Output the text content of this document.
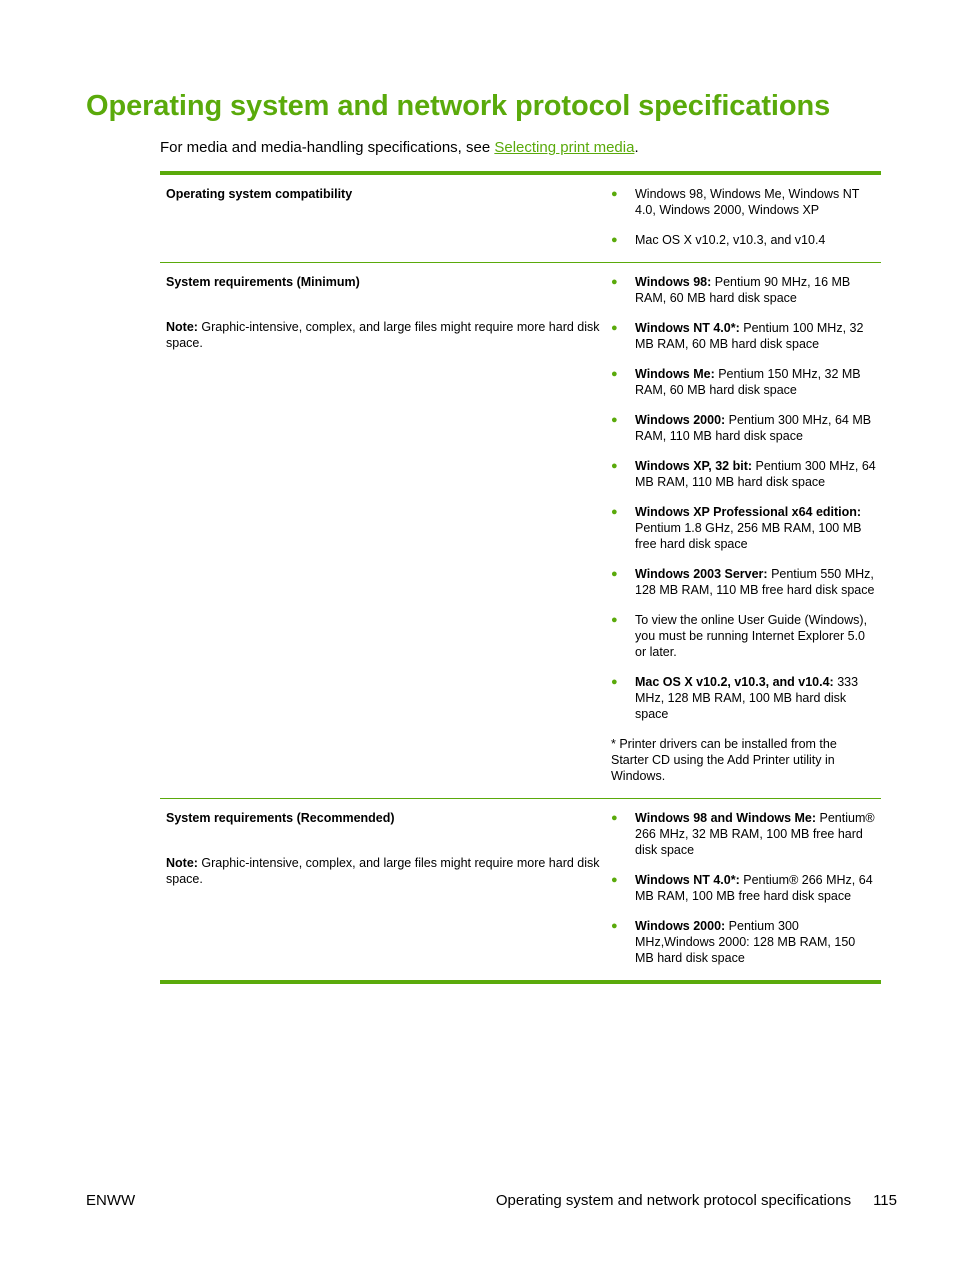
Operating system and network protocol specifications

For media and media-handling specifications, see Selecting print media.

Operating system compatibility	● Windows 98, Windows Me, Windows NT 4.0, Windows 2000, Windows XP
● Mac OS X v10.2, v10.3, and v10.4

System requirements (Minimum)

Note: Graphic-intensive, complex, and large files might require more hard disk space.

● Windows 98: Pentium 90 MHz, 16 MB RAM, 60 MB hard disk space
● Windows NT 4.0*: Pentium 100 MHz, 32 MB RAM, 60 MB hard disk space
● Windows Me: Pentium 150 MHz, 32 MB RAM, 60 MB hard disk space
● Windows 2000: Pentium 300 MHz, 64 MB RAM, 110 MB hard disk space
● Windows XP, 32 bit: Pentium 300 MHz, 64 MB RAM, 110 MB hard disk space
● Windows XP Professional x64 edition: Pentium 1.8 GHz, 256 MB RAM, 100 MB free hard disk space
● Windows 2003 Server: Pentium 550 MHz, 128 MB RAM, 110 MB free hard disk space
● To view the online User Guide (Windows), you must be running Internet Explorer 5.0 or later.
● Mac OS X v10.2, v10.3, and v10.4: 333 MHz, 128 MB RAM, 100 MB hard disk space

* Printer drivers can be installed from the Starter CD using the Add Printer utility in Windows.

System requirements (Recommended)

Note: Graphic-intensive, complex, and large files might require more hard disk space.

● Windows 98 and Windows Me: Pentium® 266 MHz, 32 MB RAM, 100 MB free hard disk space
● Windows NT 4.0*: Pentium® 266 MHz, 64 MB RAM, 100 MB free hard disk space
● Windows 2000: Pentium 300 MHz,Windows 2000: 128 MB RAM, 150 MB hard disk space
ENWW	Operating system and network protocol specifications 115
